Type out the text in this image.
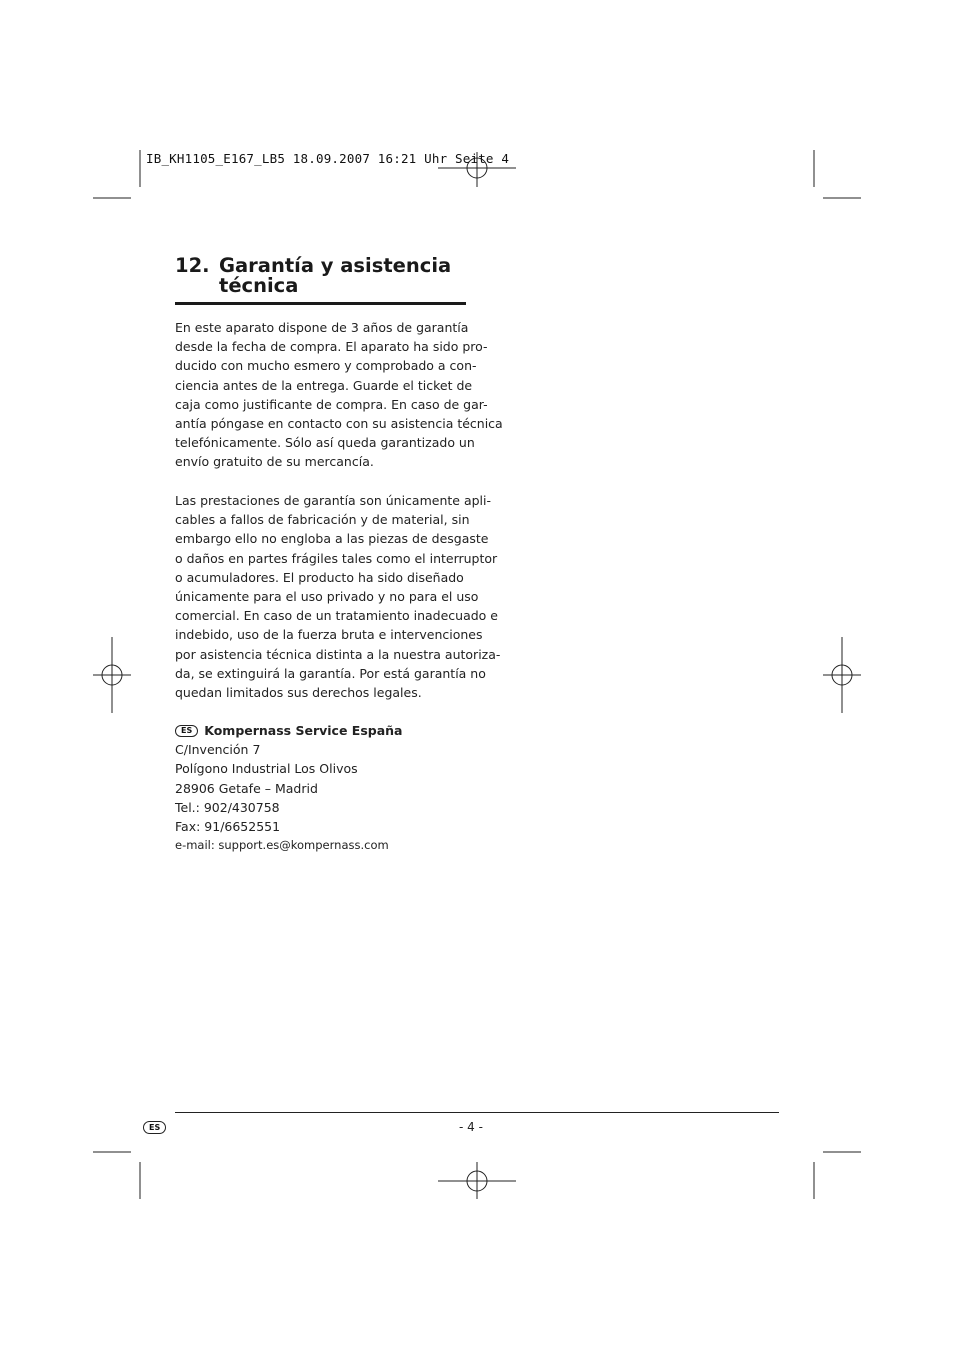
IB_KH1105_E167_LB5 18.09.2007 16:21 Uhr Seite 4
12. Garantía y asistencia
técnica
En este aparato dispone de 3 años de garantía
desde la fecha de compra. El aparato ha sido pro-
ducido con mucho esmero y comprobado a con-
ciencia antes de la entrega. Guarde el ticket de
caja como justificante de compra. En caso de gar-
antía póngase en contacto con su asistencia técnica
telefónicamente. Sólo así queda garantizado un
envío gratuito de su mercancía.
Las prestaciones de garantía son únicamente apli-
cables a fallos de fabricación y de material, sin
embargo ello no engloba a las piezas de desgaste
o daños en partes frágiles tales como el interruptor
o acumuladores. El producto ha sido diseñado
únicamente para el uso privado y no para el uso
comercial. En caso de un tratamiento inadecuado e
indebido, uso de la fuerza bruta e intervenciones
por asistencia técnica distinta a la nuestra autoriza-
da, se extinguirá la garantía. Por está garantía no
quedan limitados sus derechos legales.
ES Kompernass Service España
C/Invención 7
Polígono Industrial Los Olivos
28906 Getafe – Madrid
Tel.: 902/430758
Fax: 91/6652551
e-mail: support.es@kompernass.com
ES	- 4 -
